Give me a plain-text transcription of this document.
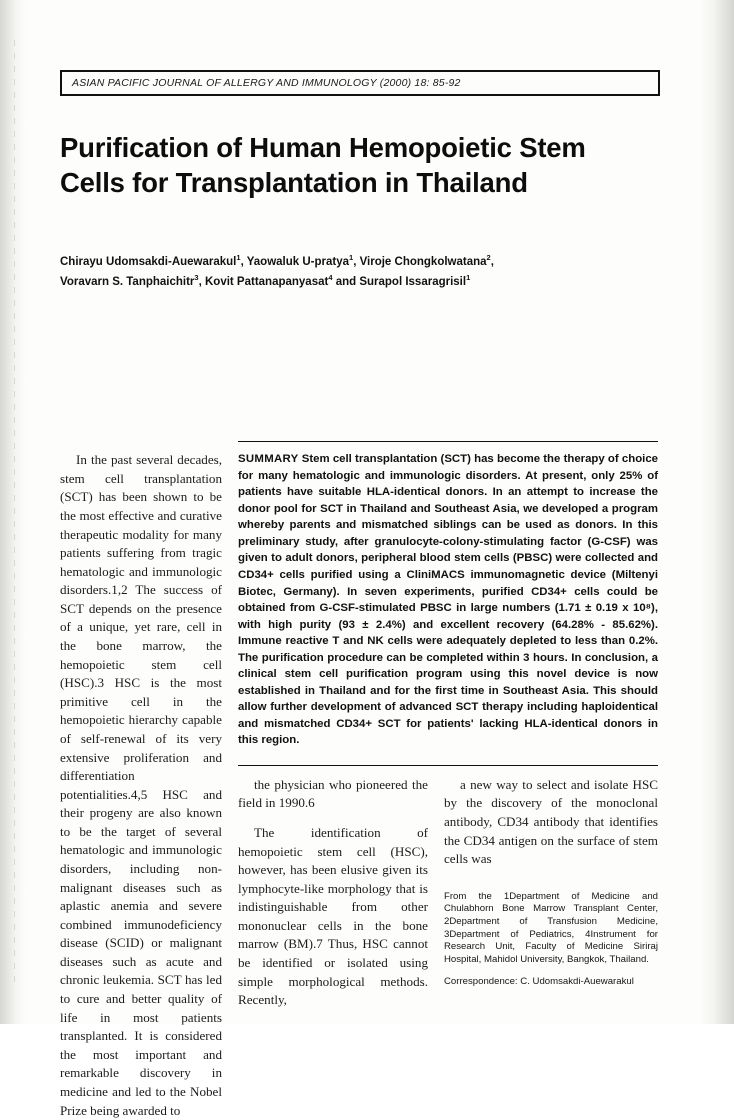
ASIAN PACIFIC JOURNAL OF ALLERGY AND IMMUNOLOGY (2000) 18: 85-92
Purification of Human Hemopoietic Stem Cells for Transplantation in Thailand
Chirayu Udomsakdi-Auewarakul$^1$, Yaowaluk U-pratya$^1$, Viroje Chongkolwatana$^2$,
Voravarn S. Tanphaichitr$^3$, Kovit Pattanapanyasat$^4$ and Surapol Issaragrisil$^1$

In the past several decades, stem cell transplantation (SCT) has been shown to be the most effective and curative therapeutic modality for many patients suffering from tragic hematologic and immunologic disorders.1,2 The success of SCT depends on the presence of a unique, yet rare, cell in the bone marrow, the hemopoietic stem cell (HSC).3 HSC is the most primitive cell in the hemopoietic hierarchy capable of self-renewal of its very extensive proliferation and differentiation potentialities.4,5 HSC and their progeny are also known to be the target of several hematologic and immunologic disorders, including non-malignant diseases such as aplastic anemia and severe combined immunodeficiency disease (SCID) or malignant diseases such as acute and chronic leukemia. SCT has led to cure and better quality of life in most patients transplanted. It is considered the most important and remarkable discovery in medicine and led to the Nobel Prize being awarded to

SUMMARY Stem cell transplantation (SCT) has become the therapy of choice for many hematologic and immunologic disorders. At present, only 25% of patients have suitable HLA-identical donors. In an attempt to increase the donor pool for SCT in Thailand and Southeast Asia, we developed a program whereby parents and mismatched siblings can be used as donors. In this preliminary study, after granulocyte-colony-stimulating factor (G-CSF) was given to adult donors, peripheral blood stem cells (PBSC) were collected and CD34+ cells purified using a CliniMACS immunomagnetic device (Miltenyi Biotec, Germany). In seven experiments, purified CD34+ cells could be obtained from G-CSF-stimulated PBSC in large numbers (1.71 ± 0.19 x 10⁸), with high purity (93 ± 2.4%) and excellent recovery (64.28% - 85.62%). Immune reactive T and NK cells were adequately depleted to less than 0.2%. The purification procedure can be completed within 3 hours. In conclusion, a clinical stem cell purification program using this novel device is now established in Thailand and for the first time in Southeast Asia. This should allow further development of advanced SCT therapy including haploidentical and mismatched CD34+ SCT for patients' lacking HLA-identical donors in this region.

the physician who pioneered the field in 1990.6

The identification of hemopoietic stem cell (HSC), however, has been elusive given its lymphocyte-like morphology that is indistinguishable from other mononuclear cells in the bone marrow (BM).7 Thus, HSC cannot be identified or isolated using simple morphological methods. Recently,

a new way to select and isolate HSC by the discovery of the monoclonal antibody, CD34 antibody that identifies the CD34 antigen on the surface of stem cells was

From the 1Department of Medicine and Chulabhorn Bone Marrow Transplant Center, 2Department of Transfusion Medicine, 3Department of Pediatrics, 4Instrument for Research Unit, Faculty of Medicine Siriraj Hospital, Mahidol University, Bangkok, Thailand.

Correspondence: C. Udomsakdi-Auewarakul
